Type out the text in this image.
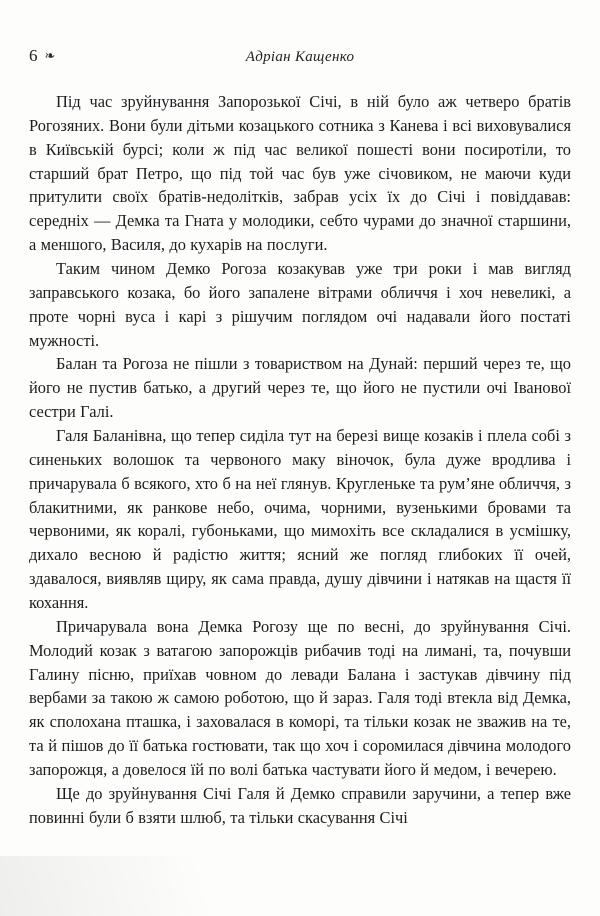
6 ❧	Адріан Кащенко

Під час зруйнування Запорозької Січі, в ній було аж четверо братів Рогозяних. Вони були дітьми козацького сотника з Канева і всі виховувалися в Київській бурсі; коли ж під час великої пошесті вони посиротіли, то старший брат Петро, що під той час був уже січовиком, не маючи куди притулити своїх братів-недолітків, забрав усіх їх до Січі і повіддавав: середніх — Демка та Гната у молодики, себто чурами до значної старшини, а меншого, Василя, до кухарів на послуги.

Таким чином Демко Рогоза козакував уже три роки і мав вигляд заправського козака, бо його запалене вітрами обличчя і хоч невеликі, а проте чорні вуса і карі з рішучим поглядом очі надавали його постаті мужності.

Балан та Рогоза не пішли з товариством на Дунай: перший через те, що його не пустив батько, а другий через те, що його не пустили очі Іванової сестри Галі.

Галя Баланівна, що тепер сиділа тут на березі вище козаків і плела собі з синеньких волошок та червоного маку віночок, була дуже вродлива і причарувала б всякого, хто б на неї глянув. Кругленьке та рум’яне обличчя, з блакитними, як ранкове небо, очима, чорними, вузенькими бровами та червоними, як коралі, губоньками, що мимохіть все складалися в усмішку, дихало весною й радістю життя; ясний же погляд глибоких її очей, здавалося, виявляв щиру, як сама правда, душу дівчини і натякав на щастя її кохання.

Причарувала вона Демка Рогозу ще по весні, до зруйнування Січі. Молодий козак з ватагою запорожців рибачив тоді на лимані, та, почувши Галину пісню, приїхав човном до левади Балана і застукав дівчину під вербами за такою ж самою роботою, що й зараз. Галя тоді втекла від Демка, як сполохана пташка, і заховалася в коморі, та тільки козак не зважив на те, та й пішов до її батька гостювати, так що хоч і соромилася дівчина молодого запорожця, а довелося їй по волі батька частувати його й медом, і вечерею.

Ще до зруйнування Січі Галя й Демко справили заручини, а тепер вже повинні були б взяти шлюб, та тільки скасування Січі
